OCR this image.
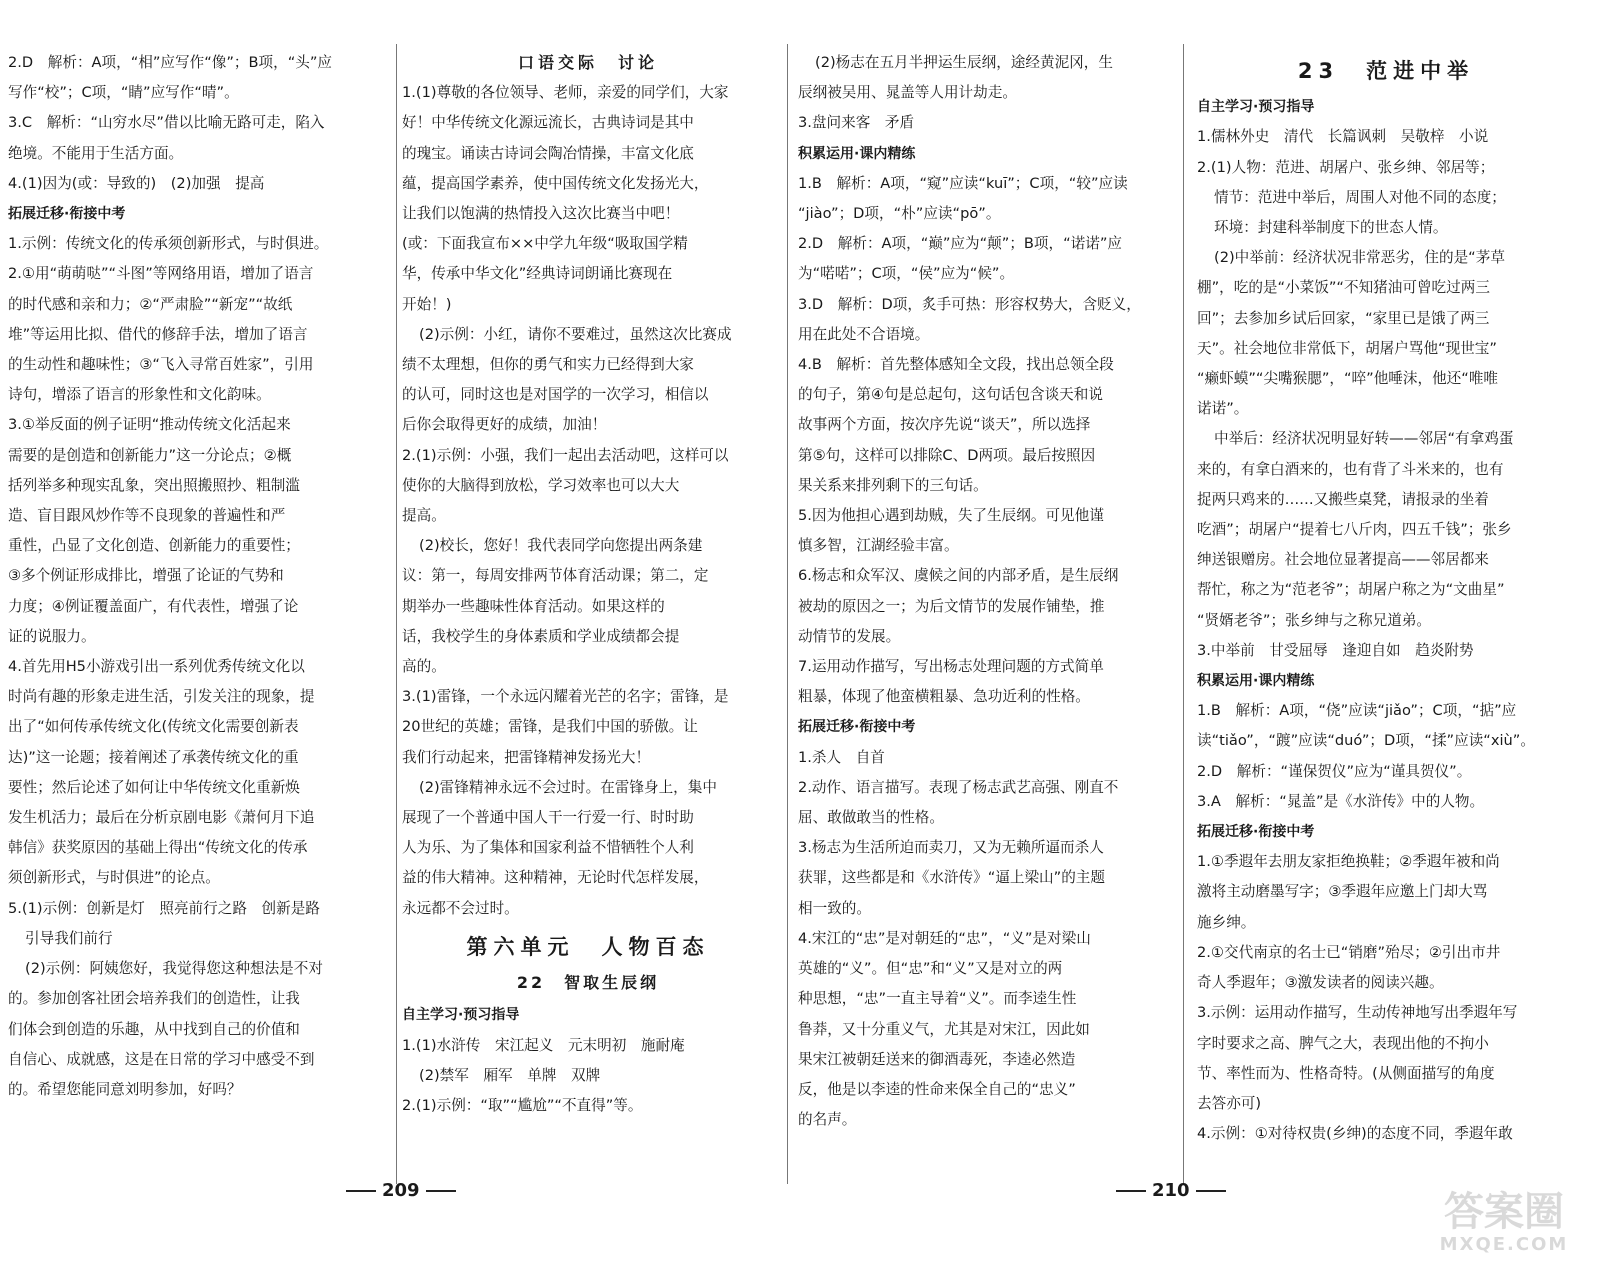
2.D　解析：A项，“相”应写作“像”；B项，“头”应

写作“校”；C项，“睛”应写作“晴”。

3.C　解析：“山穷水尽”借以比喻无路可走，陷入

绝境。不能用于生活方面。

4.(1)因为(或：导致的)　(2)加强　提高

拓展迁移·衔接中考

1.示例：传统文化的传承须创新形式，与时俱进。

2.①用“萌萌哒”“斗图”等网络用语，增加了语言

的时代感和亲和力；②“严肃脸”“新宠”“故纸

堆”等运用比拟、借代的修辞手法，增加了语言

的生动性和趣味性；③“飞入寻常百姓家”，引用

诗句，增添了语言的形象性和文化韵味。

3.①举反面的例子证明“推动传统文化活起来

需要的是创造和创新能力”这一分论点；②概

括列举多种现实乱象，突出照搬照抄、粗制滥

造、盲目跟风炒作等不良现象的普遍性和严

重性，凸显了文化创造、创新能力的重要性；

③多个例证形成排比，增强了论证的气势和

力度；④例证覆盖面广，有代表性，增强了论

证的说服力。

4.首先用H5小游戏引出一系列优秀传统文化以

时尚有趣的形象走进生活，引发关注的现象，提

出了“如何传承传统文化(传统文化需要创新表

达)”这一论题；接着阐述了承袭传统文化的重

要性；然后论述了如何让中华传统文化重新焕

发生机活力；最后在分析京剧电影《萧何月下追

韩信》获奖原因的基础上得出“传统文化的传承

须创新形式，与时俱进”的论点。

5.(1)示例：创新是灯　照亮前行之路　创新是路

引导我们前行

(2)示例：阿姨您好，我觉得您这种想法是不对

的。参加创客社团会培养我们的创造性，让我

们体会到创造的乐趣，从中找到自己的价值和

自信心、成就感，这是在日常的学习中感受不到

的。希望您能同意刘明参加，好吗？

口语交际　讨论

1.(1)尊敬的各位领导、老师，亲爱的同学们，大家

好！中华传统文化源远流长，古典诗词是其中

的瑰宝。诵读古诗词会陶冶情操，丰富文化底

蕴，提高国学素养，使中国传统文化发扬光大，

让我们以饱满的热情投入这次比赛当中吧！

(或：下面我宣布××中学九年级“吸取国学精

华，传承中华文化”经典诗词朗诵比赛现在

开始！)

(2)示例：小红，请你不要难过，虽然这次比赛成

绩不太理想，但你的勇气和实力已经得到大家

的认可，同时这也是对国学的一次学习，相信以

后你会取得更好的成绩，加油！

2.(1)示例：小强，我们一起出去活动吧，这样可以

使你的大脑得到放松，学习效率也可以大大

提高。

(2)校长，您好！我代表同学向您提出两条建

议：第一，每周安排两节体育活动课；第二，定

期举办一些趣味性体育活动。如果这样的

话，我校学生的身体素质和学业成绩都会提

高的。

3.(1)雷锋，一个永远闪耀着光芒的名字；雷锋，是

20世纪的英雄；雷锋，是我们中国的骄傲。让

我们行动起来，把雷锋精神发扬光大！

(2)雷锋精神永远不会过时。在雷锋身上，集中

展现了一个普通中国人干一行爱一行、时时助

人为乐、为了集体和国家利益不惜牺牲个人利

益的伟大精神。这种精神，无论时代怎样发展，

永远都不会过时。

第六单元　人物百态

22　智取生辰纲

自主学习·预习指导

1.(1)水浒传　宋江起义　元末明初　施耐庵

(2)禁军　厢军　单牌　双牌

2.(1)示例：“取”“尴尬”“不直得”等。

(2)杨志在五月半押运生辰纲，途经黄泥冈，生

辰纲被吴用、晁盖等人用计劫走。

3.盘问来客　矛盾

积累运用·课内精练

1.B　解析：A项，“窥”应读“kuī”；C项，“较”应读

“jiào”；D项，“朴”应读“pō”。

2.D　解析：A项，“巅”应为“颠”；B项，“诺诺”应

为“喏喏”；C项，“侯”应为“候”。

3.D　解析：D项，炙手可热：形容权势大，含贬义，

用在此处不合语境。

4.B　解析：首先整体感知全文段，找出总领全段

的句子，第④句是总起句，这句话包含谈天和说

故事两个方面，按次序先说“谈天”，所以选择

第⑤句，这样可以排除C、D两项。最后按照因

果关系来排列剩下的三句话。

5.因为他担心遇到劫贼，失了生辰纲。可见他谨

慎多智，江湖经验丰富。

6.杨志和众军汉、虞候之间的内部矛盾，是生辰纲

被劫的原因之一；为后文情节的发展作铺垫，推

动情节的发展。

7.运用动作描写，写出杨志处理问题的方式简单

粗暴，体现了他蛮横粗暴、急功近利的性格。

拓展迁移·衔接中考

1.杀人　自首

2.动作、语言描写。表现了杨志武艺高强、刚直不

屈、敢做敢当的性格。

3.杨志为生活所迫而卖刀，又为无赖所逼而杀人

获罪，这些都是和《水浒传》“逼上梁山”的主题

相一致的。

4.宋江的“忠”是对朝廷的“忠”，“义”是对梁山

英雄的“义”。但“忠”和“义”又是对立的两

种思想，“忠”一直主导着“义”。而李逵生性

鲁莽，又十分重义气，尤其是对宋江，因此如

果宋江被朝廷送来的御酒毒死，李逵必然造

反，他是以李逵的性命来保全自己的“忠义”

的名声。

23　范进中举

自主学习·预习指导

1.儒林外史　清代　长篇讽刺　吴敬梓　小说

2.(1)人物：范进、胡屠户、张乡绅、邻居等；

情节：范进中举后，周围人对他不同的态度；

环境：封建科举制度下的世态人情。

(2)中举前：经济状况非常恶劣，住的是“茅草

棚”，吃的是“小菜饭”“不知猪油可曾吃过两三

回”；去参加乡试后回家，“家里已是饿了两三

天”。社会地位非常低下，胡屠户骂他“现世宝”

“癞虾蟆”“尖嘴猴腮”，“啐”他唾沫，他还“唯唯

诺诺”。

中举后：经济状况明显好转——邻居“有拿鸡蛋

来的，有拿白酒来的，也有背了斗米来的，也有

捉两只鸡来的……又搬些桌凳，请报录的坐着

吃酒”；胡屠户“提着七八斤肉，四五千钱”；张乡

绅送银赠房。社会地位显著提高——邻居都来

帮忙，称之为“范老爷”；胡屠户称之为“文曲星”

“贤婿老爷”；张乡绅与之称兄道弟。

3.中举前　甘受屈辱　逢迎自如　趋炎附势

积累运用·课内精练

1.B　解析：A项，“侥”应读“jiǎo”；C项，“掂”应

读“tiǎo”，“踱”应读“duó”；D项，“揉”应读“xiù”。

2.D　解析：“谨保贺仪”应为“谨具贺仪”。

3.A　解析：“晁盖”是《水浒传》中的人物。

拓展迁移·衔接中考

1.①季遐年去朋友家拒绝换鞋；②季遐年被和尚

激将主动磨墨写字；③季遐年应邀上门却大骂

施乡绅。

2.①交代南京的名士已“销磨”殆尽；②引出市井

奇人季遐年；③激发读者的阅读兴趣。

3.示例：运用动作描写，生动传神地写出季遐年写

字时要求之高、脾气之大，表现出他的不拘小

节、率性而为、性格奇特。(从侧面描写的角度

去答亦可)

4.示例：①对待权贵(乡绅)的态度不同，季遐年敢

209	210	答案圈
MXQE.COM
